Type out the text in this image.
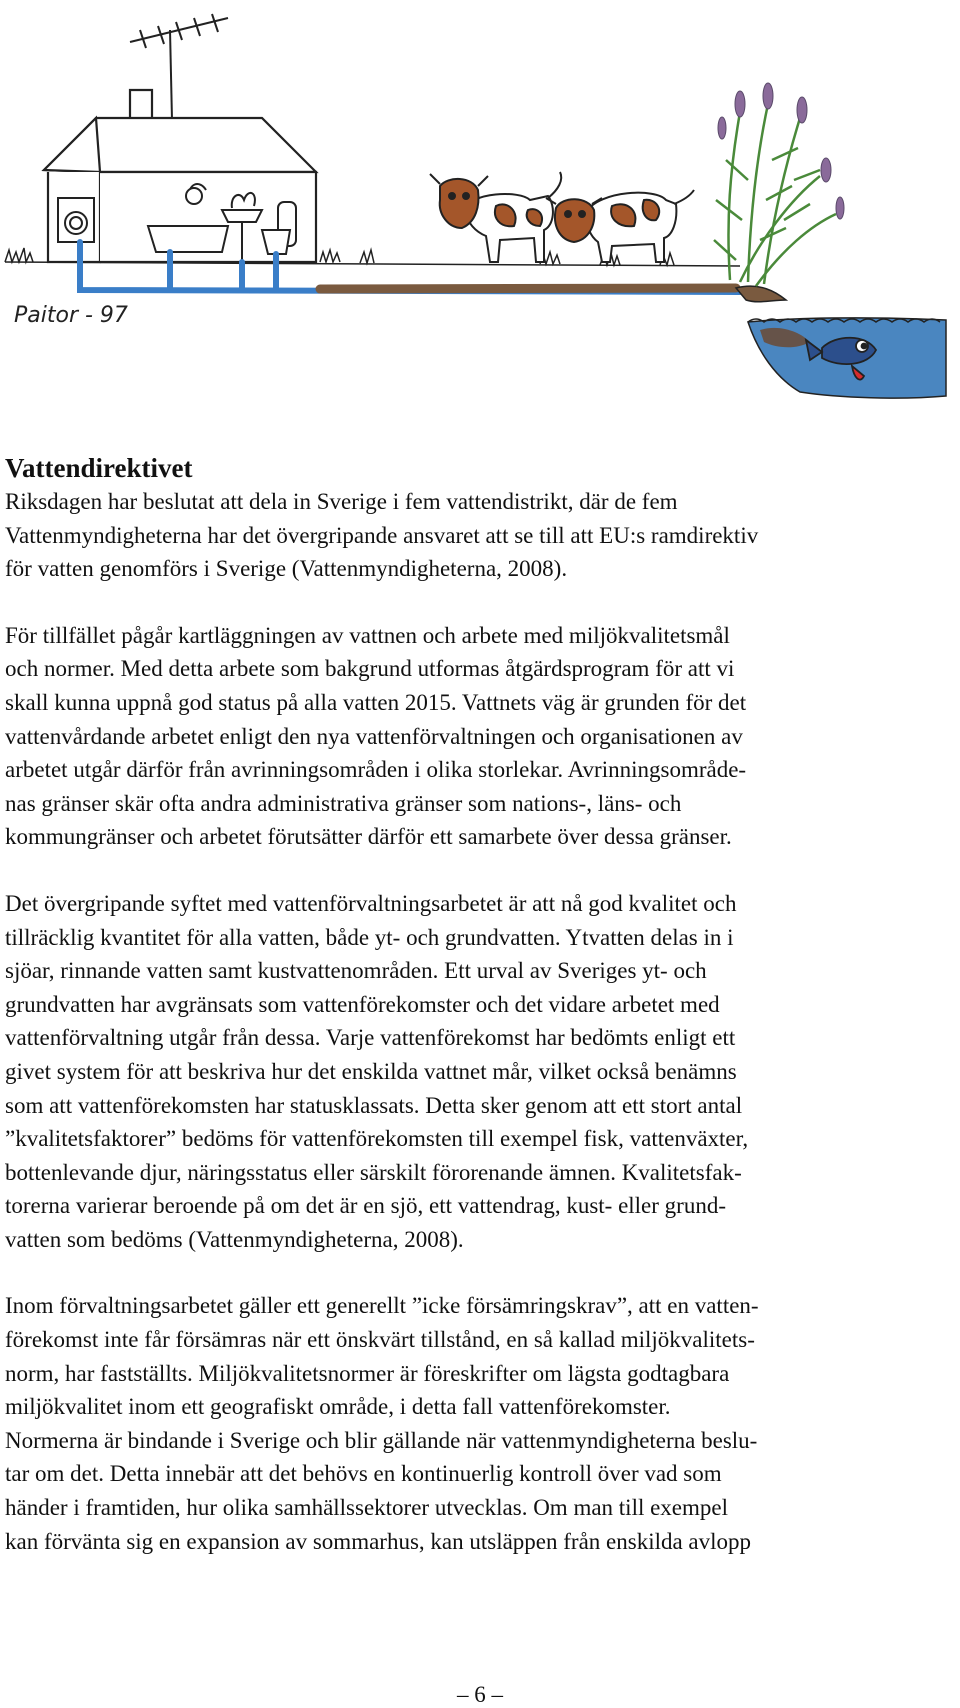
Paitor - 97
Vattendirektivet

Riksdagen har beslutat att dela in Sverige i fem vattendistrikt, där de fem
Vattenmyndigheterna har det övergripande ansvaret att se till att EU:s ramdirektiv
för vatten genomförs i Sverige (Vattenmyndigheterna, 2008).

För tillfället pågår kartläggningen av vattnen och arbete med miljökvalitetsmål
och normer. Med detta arbete som bakgrund utformas åtgärdsprogram för att vi
skall kunna uppnå god status på alla vatten 2015. Vattnets väg är grunden för det
vattenvårdande arbetet enligt den nya vattenförvaltningen och organisationen av
arbetet utgår därför från avrinningsområden i olika storlekar. Avrinningsområde-
nas gränser skär ofta andra administrativa gränser som nations-, läns- och
kommungränser och arbetet förutsätter därför ett samarbete över dessa gränser.

Det övergripande syftet med vattenförvaltningsarbetet är att nå god kvalitet och
tillräcklig kvantitet för alla vatten, både yt- och grundvatten. Ytvatten delas in i
sjöar, rinnande vatten samt kustvattenområden. Ett urval av Sveriges yt- och
grundvatten har avgränsats som vattenförekomster och det vidare arbetet med
vattenförvaltning utgår från dessa. Varje vattenförekomst har bedömts enligt ett
givet system för att beskriva hur det enskilda vattnet mår, vilket också benämns
som att vattenförekomsten har statusklassats. Detta sker genom att ett stort antal
”kvalitetsfaktorer” bedöms för vattenförekomsten till exempel fisk, vattenväxter,
bottenlevande djur, näringsstatus eller särskilt förorenande ämnen. Kvalitetsfak-
torerna varierar beroende på om det är en sjö, ett vattendrag, kust- eller grund-
vatten som bedöms (Vattenmyndigheterna, 2008).

Inom förvaltningsarbetet gäller ett generellt ”icke försämringskrav”, att en vatten-
förekomst inte får försämras när ett önskvärt tillstånd, en så kallad miljökvalitets-
norm, har fastställts. Miljökvalitetsnormer är föreskrifter om lägsta godtagbara
miljökvalitet inom ett geografiskt område, i detta fall vattenförekomster.
Normerna är bindande i Sverige och blir gällande när vattenmyndigheterna beslu-
tar om det. Detta innebär att det behövs en kontinuerlig kontroll över vad som
händer i framtiden, hur olika samhällssektorer utvecklas. Om man till exempel
kan förvänta sig en expansion av sommarhus, kan utsläppen från enskilda avlopp

– 6 –
